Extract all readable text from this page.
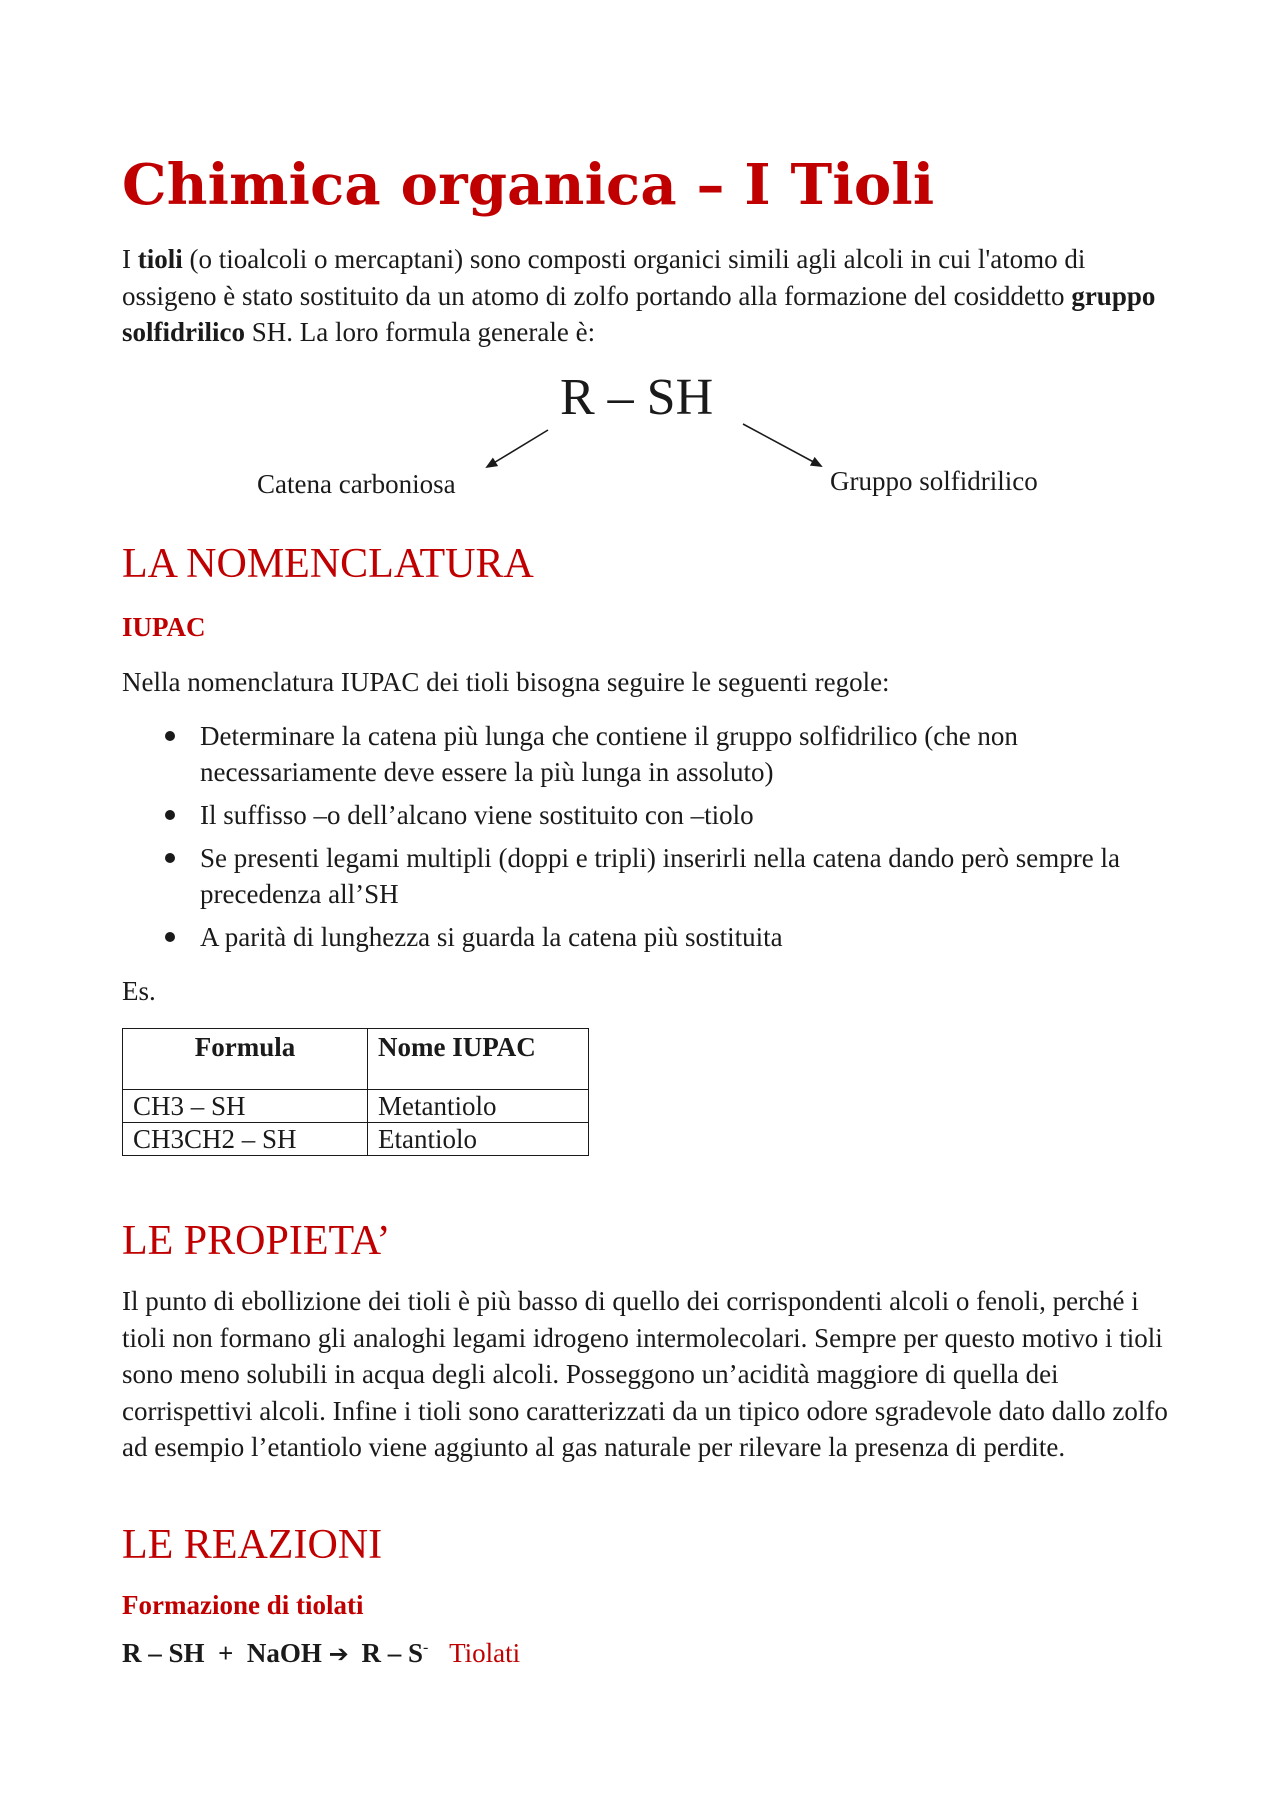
Chimica organica – I Tioli

I tioli (o tioalcoli o mercaptani) sono composti organici simili agli alcoli in cui l'atomo di ossigeno è stato sostituito da un atomo di zolfo portando alla formazione del cosiddetto gruppo solfidrilico SH. La loro formula generale è:

R – SH
Catena carboniosa	Gruppo solfidrilico
LA NOMENCLATURA
IUPAC
Nella nomenclatura IUPAC dei tioli bisogna seguire le seguenti regole:
Determinare la catena più lunga che contiene il gruppo solfidrilico (che non necessariamente deve essere la più lunga in assoluto)
Il suffisso –o dell’alcano viene sostituito con –tiolo
Se presenti legami multipli (doppi e tripli) inserirli nella catena dando però sempre la precedenza all’SH
A parità di lunghezza si guarda la catena più sostituita
Es.
Formula	Nome IUPAC
CH3 – SH	Metantiolo
CH3CH2 – SH	Etantiolo
LE PROPIETA’

Il punto di ebollizione dei tioli è più basso di quello dei corrispondenti alcoli o fenoli, perché i tioli non formano gli analoghi legami idrogeno intermolecolari. Sempre per questo motivo i tioli sono meno solubili in acqua degli alcoli. Posseggono un’acidità maggiore di quella dei corrispettivi alcoli. Infine i tioli sono caratterizzati da un tipico odore sgradevole dato dallo zolfo ad esempio l’etantiolo viene aggiunto al gas naturale per rilevare la presenza di perdite.

LE REAZIONI
Formazione di tiolati
R – SH  +  NaOH ➔ R – S- Tiolati
